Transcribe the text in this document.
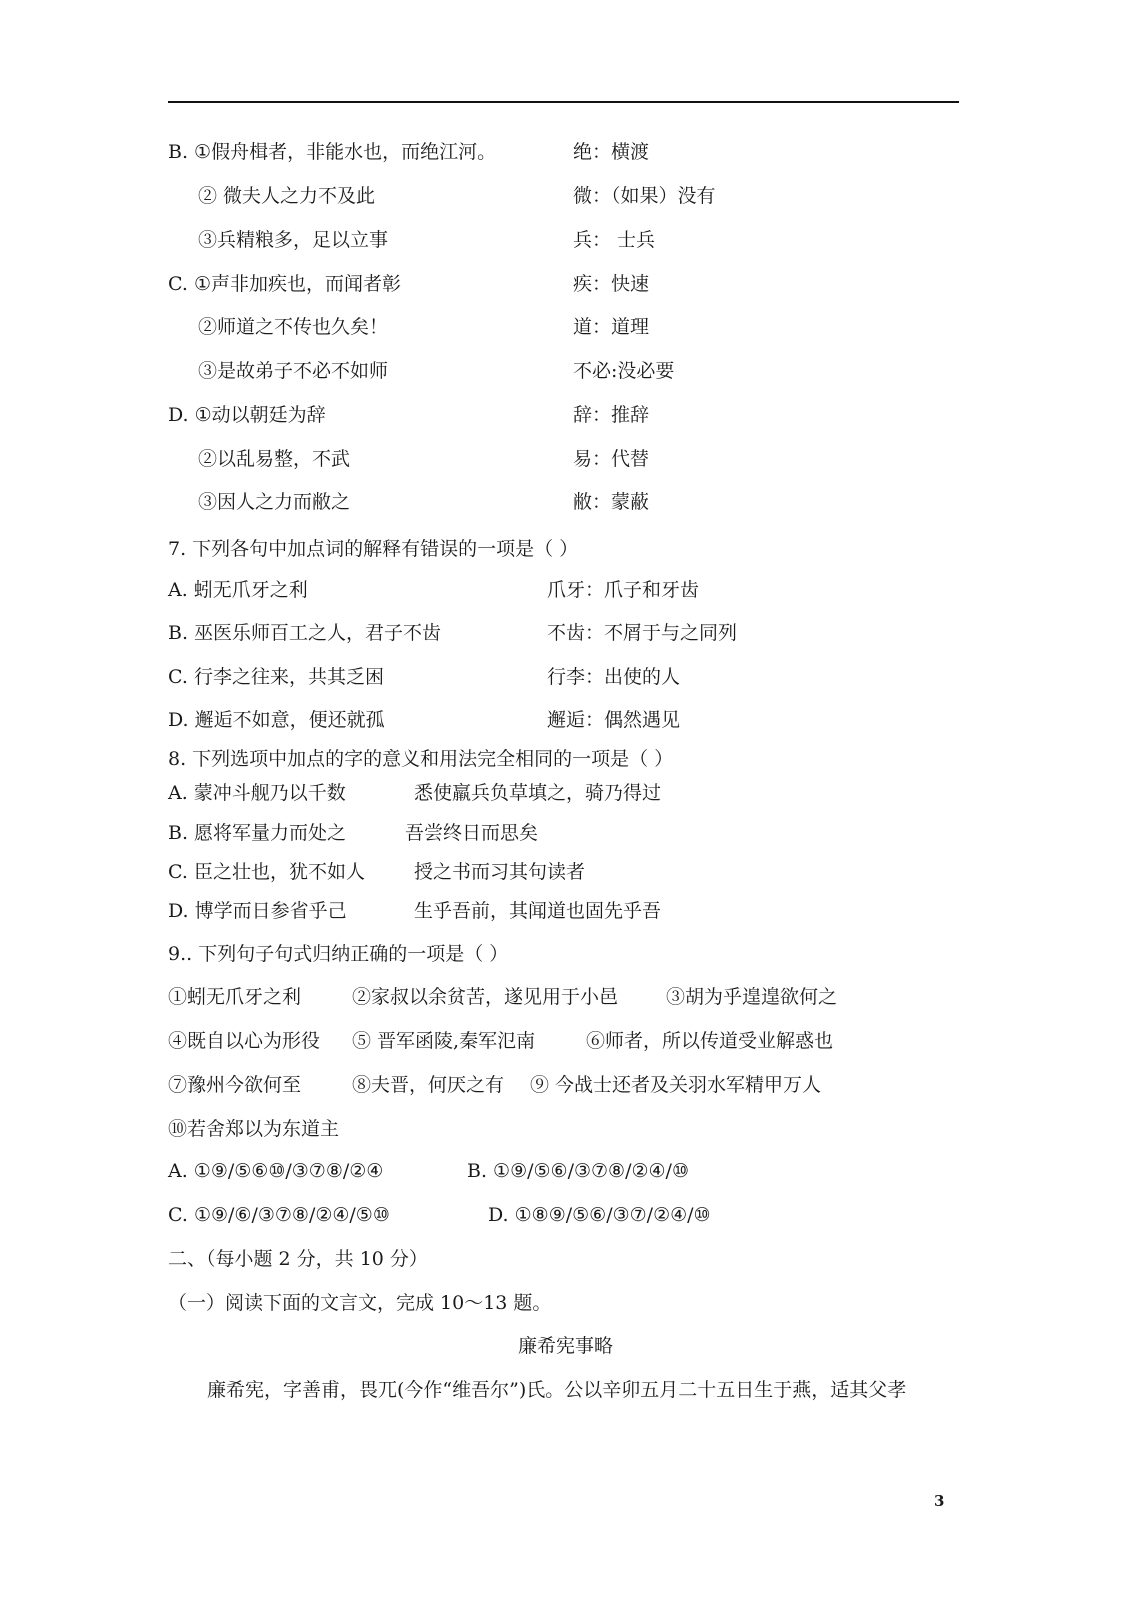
B. ①假舟楫者，非能水也，而绝江河。	绝：横渡
② 微夫人之力不及此	微：（如果）没有
③兵精粮多，足以立事	兵： 士兵
C. ①声非加疾也，而闻者彰	疾：快速
②师道之不传也久矣！	道：道理
③是故弟子不必不如师	不必:没必要
D. ①动以朝廷为辞	辞：推辞
②以乱易整，不武	易：代替
③因人之力而敝之	敝：蒙蔽
7. 下列各句中加点词的解释有错误的一项是（ ）
A. 蚓无爪牙之利	爪牙：爪子和牙齿
B. 巫医乐师百工之人，君子不齿	不齿：不屑于与之同列
C. 行李之往来，共其乏困	行李：出使的人
D. 邂逅不如意，便还就孤	邂逅：偶然遇见
8. 下列选项中加点的字的意义和用法完全相同的一项是（ ）
A. 蒙冲斗舰乃以千数	悉使羸兵负草填之，骑乃得过
B. 愿将军量力而处之	吾尝终日而思矣
C. 臣之壮也，犹不如人	授之书而习其句读者
D. 博学而日参省乎己	生乎吾前，其闻道也固先乎吾
9.. 下列句子句式归纳正确的一项是（ ）
①蚓无爪牙之利	②家叔以余贫苦，遂见用于小邑	③胡为乎遑遑欲何之
④既自以心为形役 ⑤ 晋军函陵,秦军氾南	⑥师者，所以传道受业解惑也
⑦豫州今欲何至	⑧夫晋，何厌之有 ⑨ 今战士还者及关羽水军精甲万人
⑩若舍郑以为东道主
A. ①⑨/⑤⑥⑩/③⑦⑧/②④	B. ①⑨/⑤⑥/③⑦⑧/②④/⑩
C. ①⑨/⑥/③⑦⑧/②④/⑤⑩	D. ①⑧⑨/⑤⑥/③⑦/②④/⑩
二、（每小题 2 分，共 10 分）
（一）阅读下面的文言文，完成 10～13 题。
廉希宪事略
廉希宪，字善甫，畏兀(今作“维吾尔”)氏。公以辛卯五月二十五日生于燕，适其父孝
3
